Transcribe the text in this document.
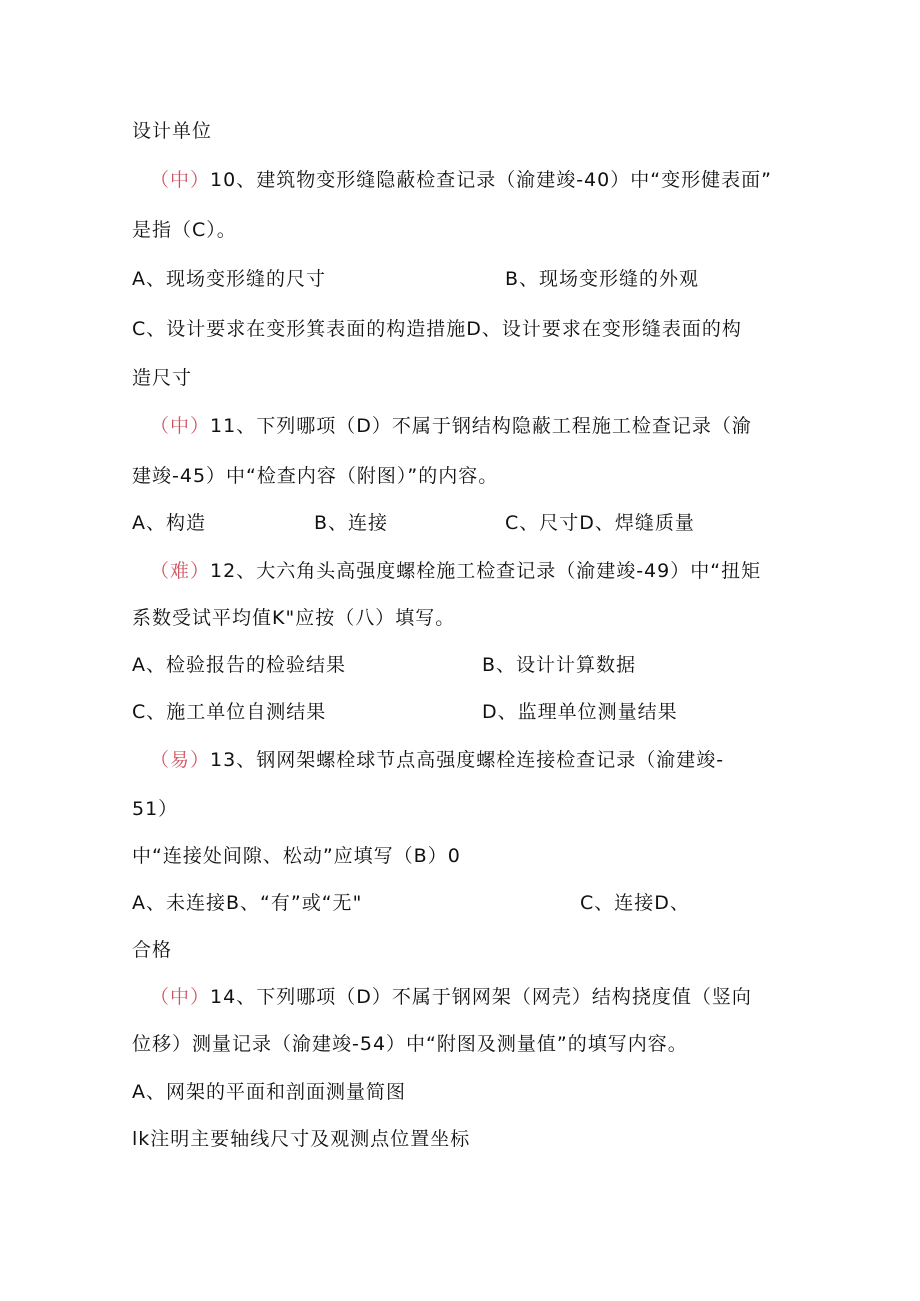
设计单位
（中）10、建筑物变形缝隐蔽检查记录（渝建竣-40）中“变形健表面”
是指（C）。
A、现场变形缝的尺寸	B、现场变形缝的外观
C、设计要求在变形箕表面的构造措施D、设计要求在变形缝表面的构
造尺寸
（中）11、下列哪项（D）不属于钢结构隐蔽工程施工检查记录（渝
建竣-45）中“检查内容（附图）”的内容。
A、构造	B、连接	C、尺寸D、焊缝质量
（难）12、大六角头高强度螺栓施工检查记录（渝建竣-49）中“扭矩
系数受试平均值K"应按（八）填写。
A、检验报告的检验结果	B、设计计算数据
C、施工单位自测结果	D、监理单位测量结果
（易）13、钢网架螺栓球节点高强度螺栓连接检查记录（渝建竣-
51）
中“连接处间隙、松动”应填写（B）0
A、未连接B、“有”或“无"	C、连接D、
合格
（中）14、下列哪项（D）不属于钢网架（网壳）结构挠度值（竖向
位移）测量记录（渝建竣-54）中“附图及测量值”的填写内容。
A、网架的平面和剖面测量简图
lk注明主要轴线尺寸及观测点位置坐标
